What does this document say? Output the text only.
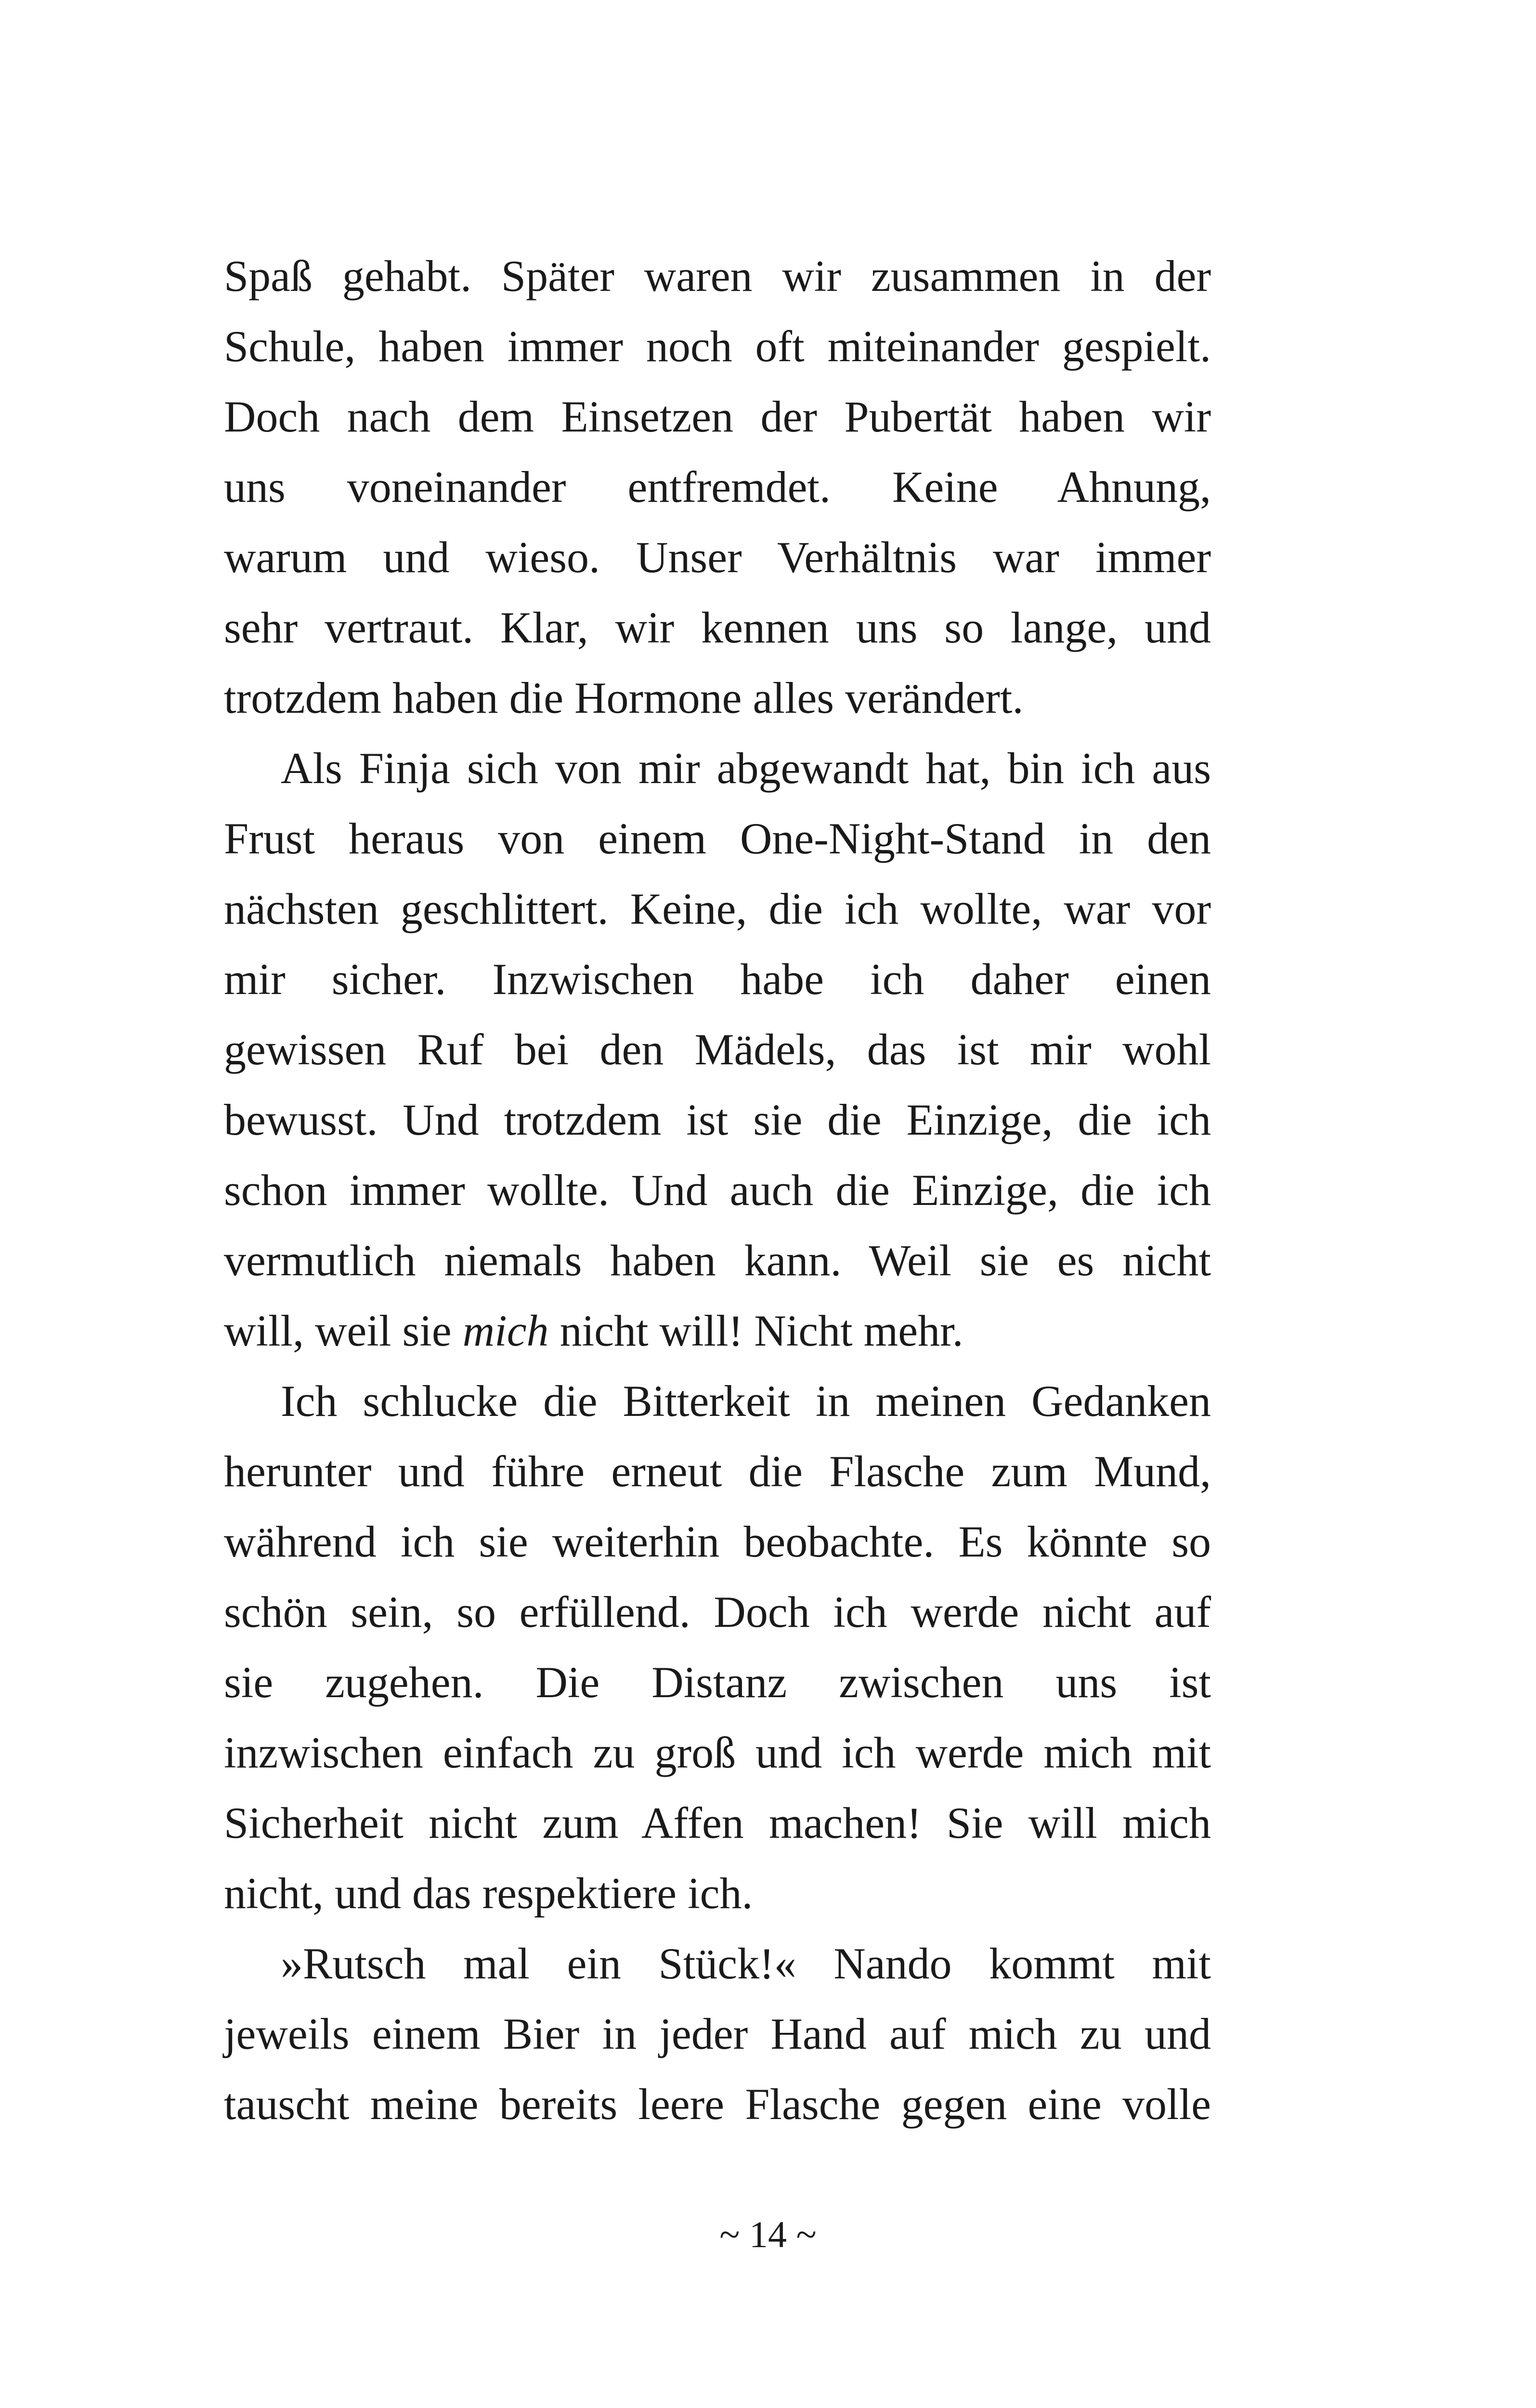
Spaß gehabt. Später waren wir zusammen in der
Schule, haben immer noch oft miteinander gespielt.
Doch nach dem Einsetzen der Pubertät haben wir
uns voneinander entfremdet. Keine Ahnung,
warum und wieso. Unser Verhältnis war immer
sehr vertraut. Klar, wir kennen uns so lange, und
trotzdem haben die Hormone alles verändert.

Als Finja sich von mir abgewandt hat, bin ich aus
Frust heraus von einem One-Night-Stand in den
nächsten geschlittert. Keine, die ich wollte, war vor
mir sicher. Inzwischen habe ich daher einen
gewissen Ruf bei den Mädels, das ist mir wohl
bewusst. Und trotzdem ist sie die Einzige, die ich
schon immer wollte. Und auch die Einzige, die ich
vermutlich niemals haben kann. Weil sie es nicht
will, weil sie mich nicht will! Nicht mehr.

Ich schlucke die Bitterkeit in meinen Gedanken
herunter und führe erneut die Flasche zum Mund,
während ich sie weiterhin beobachte. Es könnte so
schön sein, so erfüllend. Doch ich werde nicht auf
sie zugehen. Die Distanz zwischen uns ist
inzwischen einfach zu groß und ich werde mich mit
Sicherheit nicht zum Affen machen! Sie will mich
nicht, und das respektiere ich.

»Rutsch mal ein Stück!« Nando kommt mit
jeweils einem Bier in jeder Hand auf mich zu und
tauscht meine bereits leere Flasche gegen eine volle

~ 14 ~
